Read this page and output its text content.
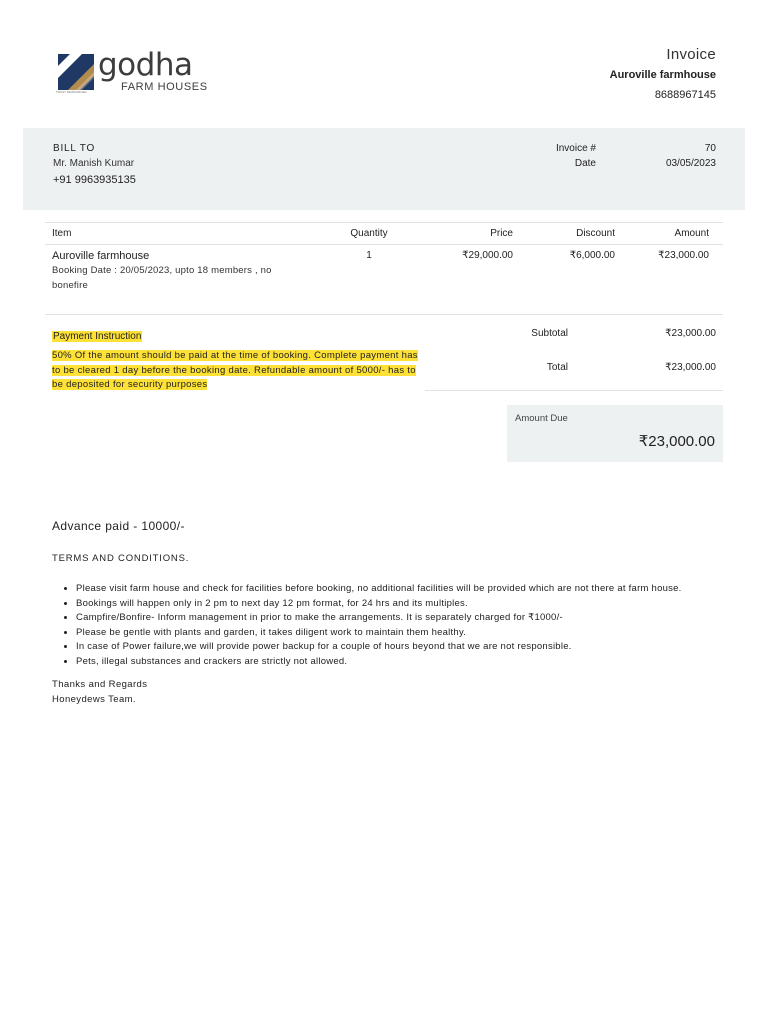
godha
FARM HOUSES
TRUST REINFORCED
Invoice
Auroville farmhouse
8688967145
BILL TO
Mr. Manish Kumar
+91 9963935135
Invoice #	70
Date	03/05/2023
Item	Quantity	Price	Discount	Amount
Auroville farmhouse
Booking Date : 20/05/2023, upto 18 members , no bonefire
1	₹29,000.00	₹6,000.00	₹23,000.00
Payment Instruction
50% Of the amount should be paid at the time of booking. Complete payment has to be cleared 1 day before the booking date. Refundable amount of 5000/- has to be deposited for security purposes
Subtotal	₹23,000.00
Total	₹23,000.00
Amount Due
₹23,000.00
Advance paid - 10000/-
TERMS AND CONDITIONS.
• Please visit farm house and check for facilities before booking, no additional facilities will be provided which are not there at farm house.
• Bookings will happen only in 2 pm to next day 12 pm format, for 24 hrs and its multiples.
• Campfire/Bonfire- Inform management in prior to make the arrangements. It is separately charged for ₹1000/-
• Please be gentle with plants and garden, it takes diligent work to maintain them healthy.
• In case of Power failure,we will provide power backup for a couple of hours beyond that we are not responsible.
• Pets, illegal substances and crackers are strictly not allowed.
Thanks and Regards
Honeydews Team.
